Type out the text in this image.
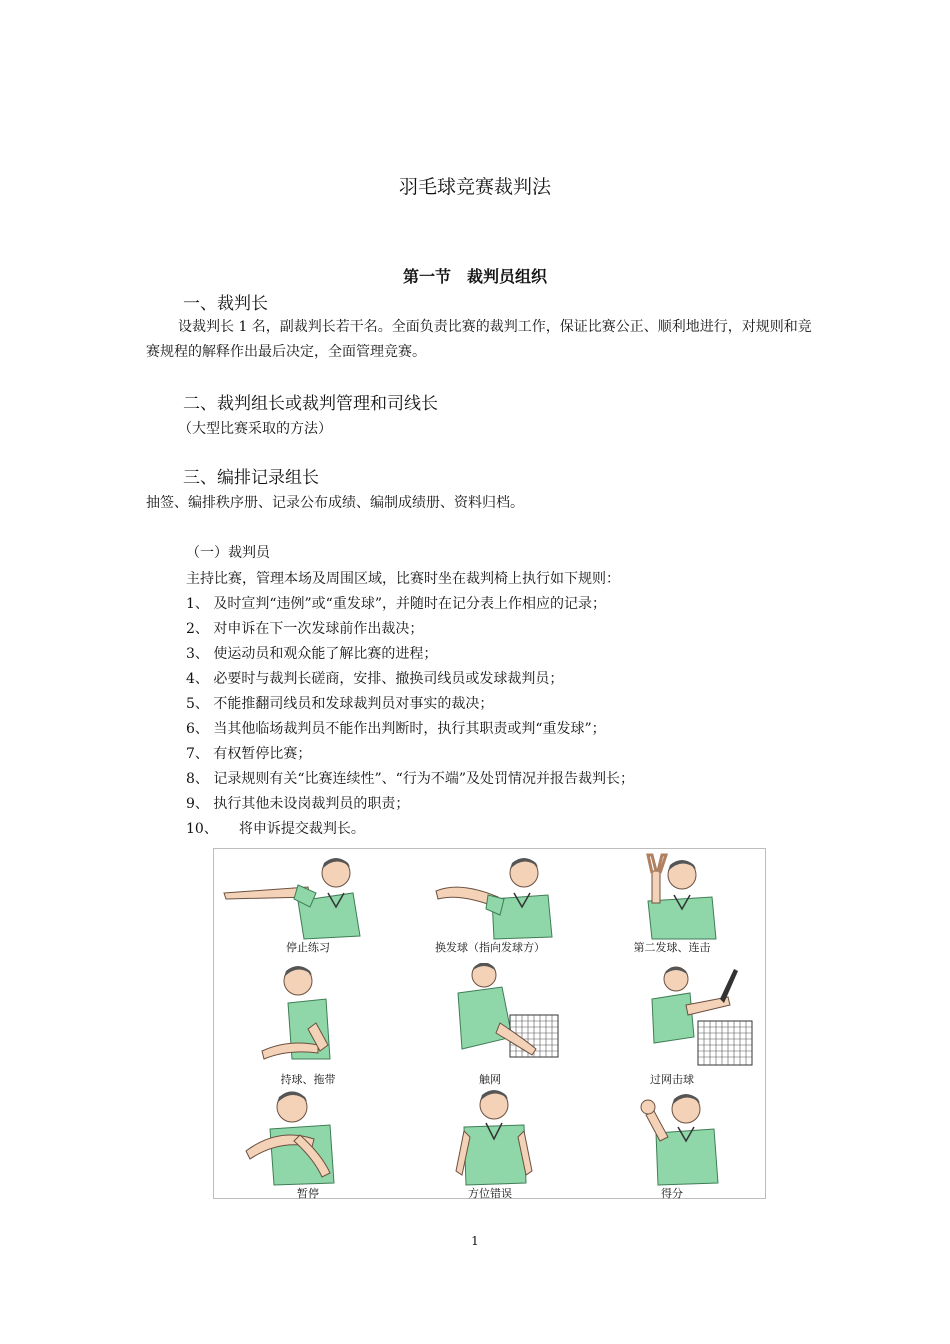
羽毛球竞赛裁判法
第一节　裁判员组织
一、裁判长
设裁判长 1 名，副裁判长若干名。全面负责比赛的裁判工作，保证比赛公正、顺利地进行，对规则和竞赛规程的解释作出最后决定，全面管理竞赛。
二、裁判组长或裁判管理和司线长
（大型比赛采取的方法）
三、编排记录组长
抽签、编排秩序册、记录公布成绩、编制成绩册、资料归档。
（一）裁判员
主持比赛，管理本场及周围区域，比赛时坐在裁判椅上执行如下规则：
1、 及时宣判“违例”或“重发球”，并随时在记分表上作相应的记录；
2、 对申诉在下一次发球前作出裁决；
3、 使运动员和观众能了解比赛的进程；
4、 必要时与裁判长磋商，安排、撤换司线员或发球裁判员；
5、 不能推翻司线员和发球裁判员对事实的裁决；
6、 当其他临场裁判员不能作出判断时，执行其职责或判“重发球”；
7、 有权暂停比赛；
8、 记录规则有关“比赛连续性”、“行为不端”及处罚情况并报告裁判长；
9、 执行其他未设岗裁判员的职责；
10、　　将申诉提交裁判长。
停止练习	换发球（指向发球方）	第二发球、连击
持球、拖带	触网	过网击球
暂停	方位错误	得分
1
